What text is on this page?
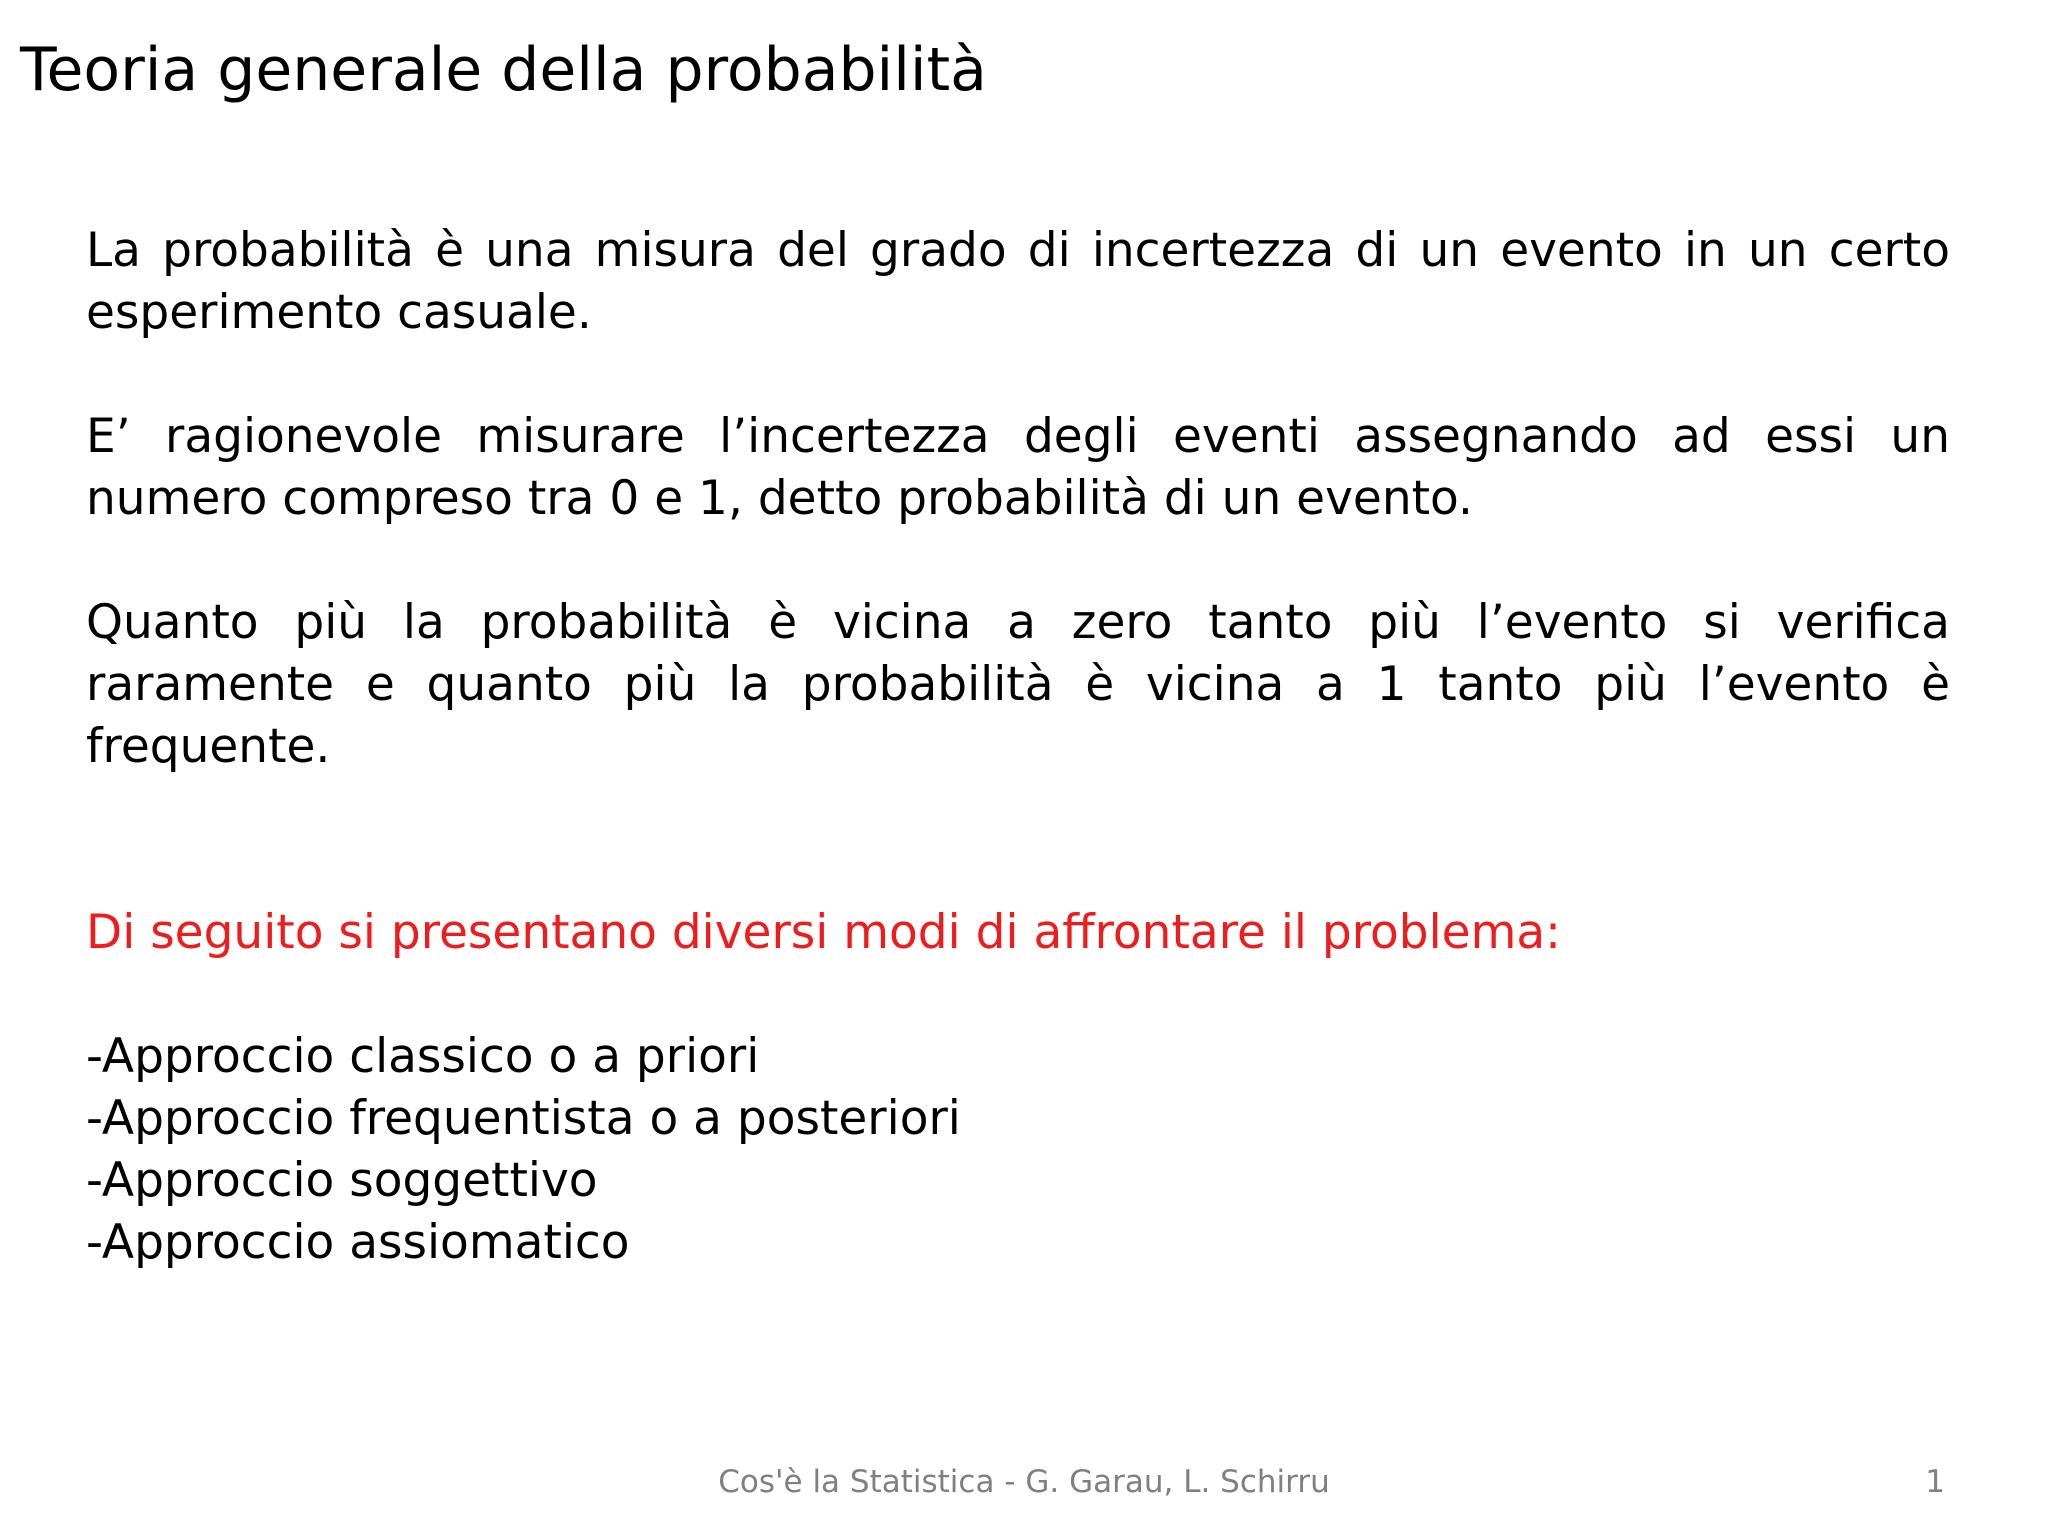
Teoria generale della probabilità

La probabilità è una misura del grado di incertezza di un evento in un certo esperimento casuale.

E’ ragionevole misurare l’incertezza degli eventi assegnando ad essi un numero compreso tra 0 e 1, detto probabilità di un evento.

Quanto più la probabilità è vicina a zero tanto più l’evento si verifica raramente e quanto più la probabilità è vicina a 1 tanto più l’evento è frequente.

Di seguito si presentano diversi modi di affrontare il problema:

-Approccio classico o a priori
-Approccio frequentista o a posteriori
-Approccio soggettivo
-Approccio assiomatico
Cos'è la Statistica - G. Garau, L. Schirru	1
